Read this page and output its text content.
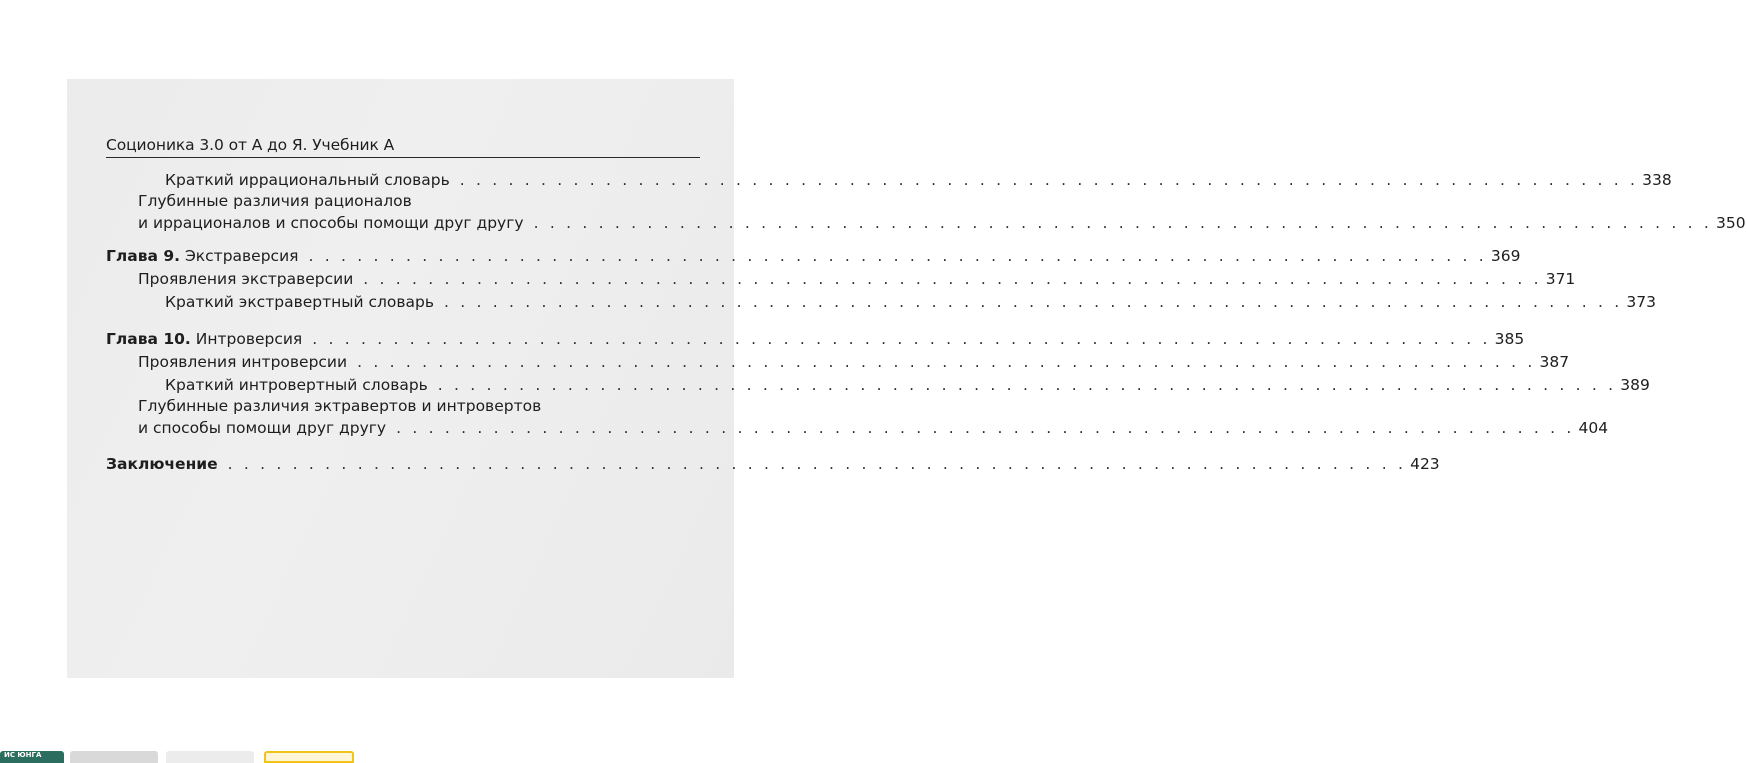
Соционика 3.0 от А до Я. Учебник А
Краткий иррациональный словарь . . .	338
Глубинные различия рационалов
и иррационалов и способы помощи друг другу . . .	350
Глава 9. Экстраверсия . . .	369
Проявления экстраверсии . . .	371
Краткий экстравертный словарь . . .	373
Глава 10. Интроверсия . . .	385
Проявления интроверсии . . .	387
Краткий интровертный словарь . . .	389
Глубинные различия эктравертов и интровертов
и способы помощи друг другу . . .	404
Заключение . . .	423
ИС ЮНГА
